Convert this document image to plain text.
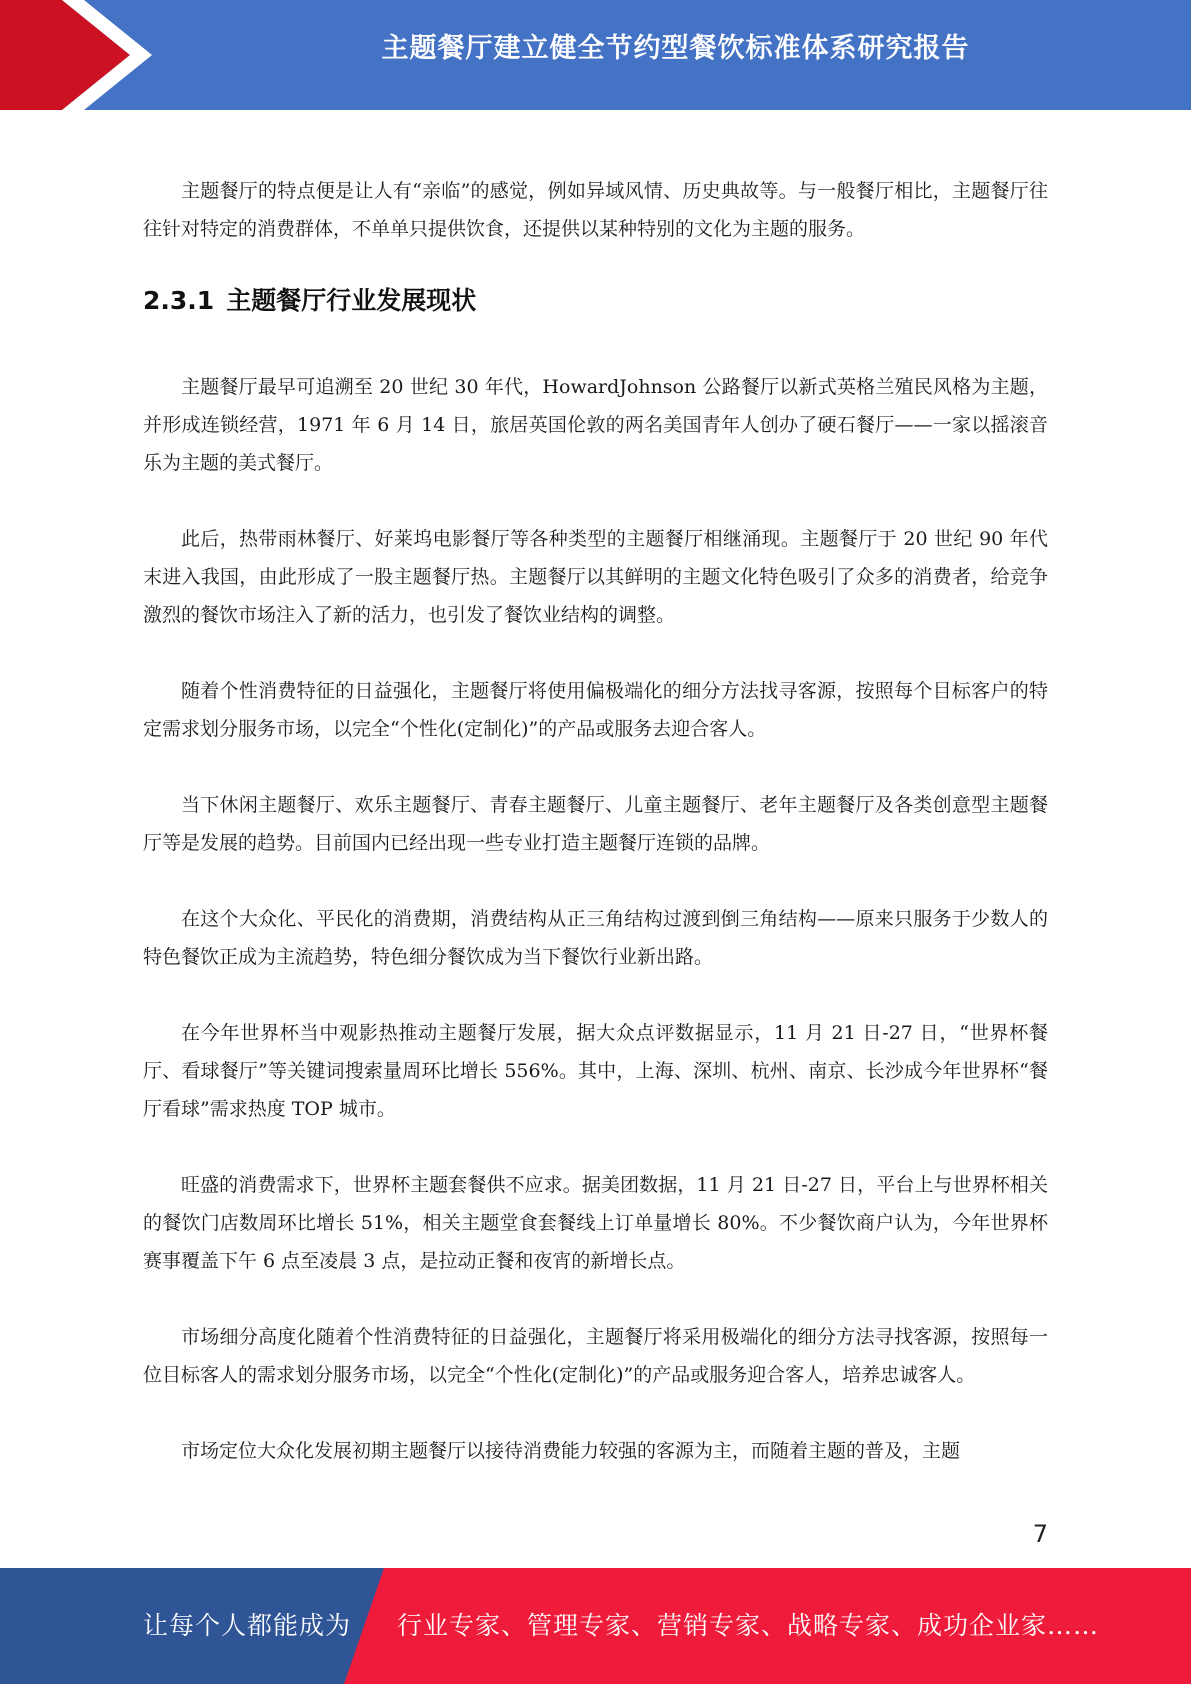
主题餐厅建立健全节约型餐饮标准体系研究报告

主题餐厅的特点便是让人有“亲临”的感觉，例如异域风情、历史典故等。与一般餐厅相比，主题餐厅往往针对特定的消费群体，不单单只提供饮食，还提供以某种特别的文化为主题的服务。

2.3.1 主题餐厅行业发展现状

主题餐厅最早可追溯至 20 世纪 30 年代，HowardJohnson 公路餐厅以新式英格兰殖民风格为主题，并形成连锁经营，1971 年 6 月 14 日，旅居英国伦敦的两名美国青年人创办了硬石餐厅——一家以摇滚音乐为主题的美式餐厅。

此后，热带雨林餐厅、好莱坞电影餐厅等各种类型的主题餐厅相继涌现。主题餐厅于 20 世纪 90 年代末进入我国，由此形成了一股主题餐厅热。主题餐厅以其鲜明的主题文化特色吸引了众多的消费者，给竞争激烈的餐饮市场注入了新的活力，也引发了餐饮业结构的调整。

随着个性消费特征的日益强化，主题餐厅将使用偏极端化的细分方法找寻客源，按照每个目标客户的特定需求划分服务市场，以完全“个性化(定制化)”的产品或服务去迎合客人。

当下休闲主题餐厅、欢乐主题餐厅、青春主题餐厅、儿童主题餐厅、老年主题餐厅及各类创意型主题餐厅等是发展的趋势。目前国内已经出现一些专业打造主题餐厅连锁的品牌。

在这个大众化、平民化的消费期，消费结构从正三角结构过渡到倒三角结构——原来只服务于少数人的特色餐饮正成为主流趋势，特色细分餐饮成为当下餐饮行业新出路。

在今年世界杯当中观影热推动主题餐厅发展，据大众点评数据显示，11 月 21 日-27 日，“世界杯餐厅、看球餐厅”等关键词搜索量周环比增长 556%。其中，上海、深圳、杭州、南京、长沙成今年世界杯“餐厅看球”需求热度 TOP 城市。

旺盛的消费需求下，世界杯主题套餐供不应求。据美团数据，11 月 21 日-27 日，平台上与世界杯相关的餐饮门店数周环比增长 51%，相关主题堂食套餐线上订单量增长 80%。不少餐饮商户认为，今年世界杯赛事覆盖下午 6 点至凌晨 3 点，是拉动正餐和夜宵的新增长点。

市场细分高度化随着个性消费特征的日益强化，主题餐厅将采用极端化的细分方法寻找客源，按照每一位目标客人的需求划分服务市场，以完全“个性化(定制化)”的产品或服务迎合客人，培养忠诚客人。

市场定位大众化发展初期主题餐厅以接待消费能力较强的客源为主，而随着主题的普及，主题

7
让每个人都能成为 行业专家、管理专家、营销专家、战略专家、成功企业家……
